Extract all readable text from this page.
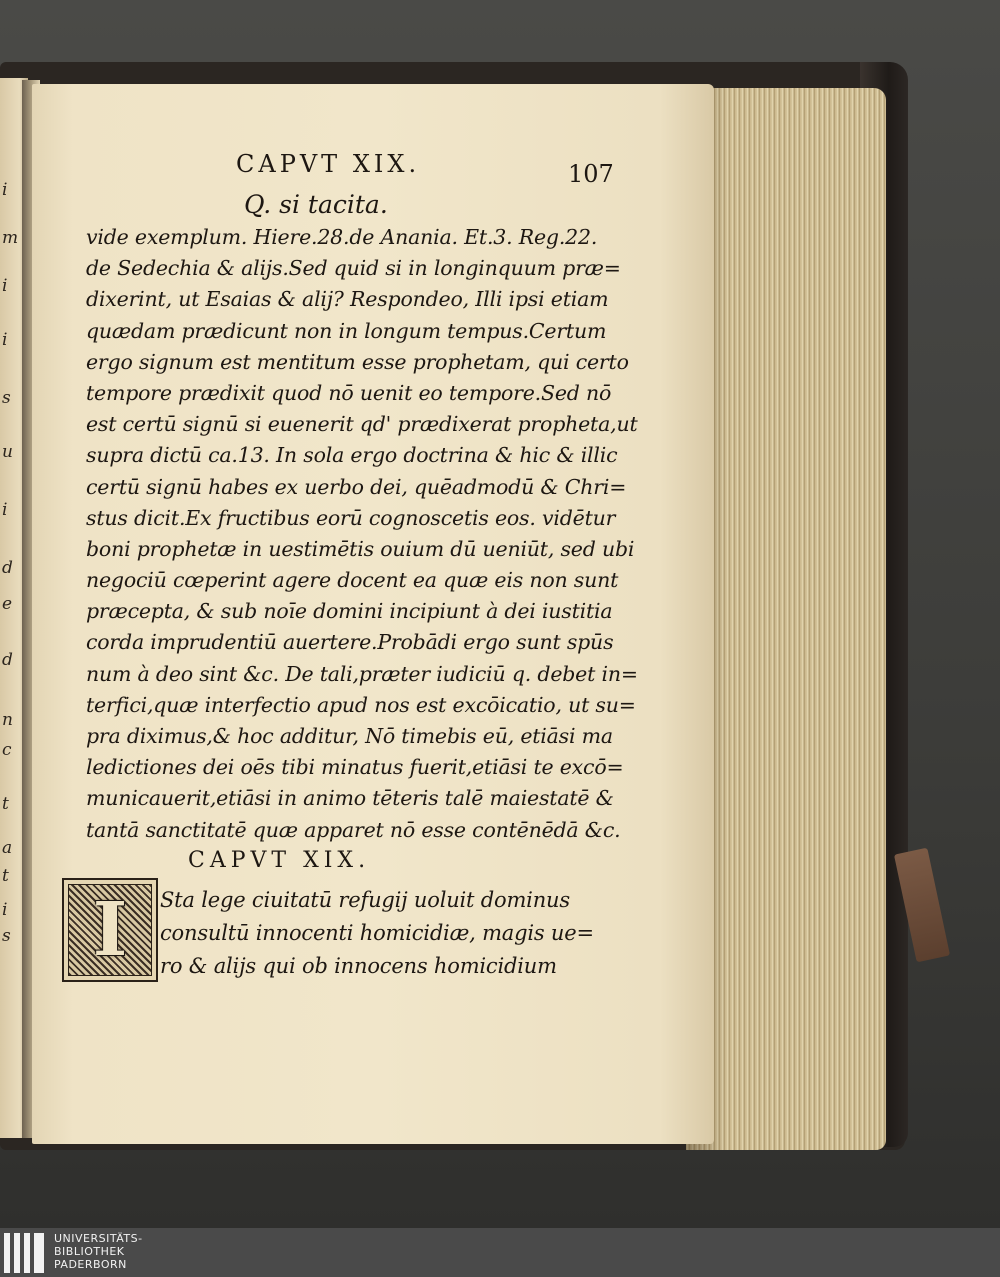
i
m
i
i
s
u
i
d
e
d
n
c
t
a
t
i
s
CAPVT XIX.	107
Q. si tacita.
vide exemplum. Hiere.28.de Anania. Et.3. Reg.22.
de Sedechia & alijs.Sed quid si in longinquum præ=
dixerint, ut Esaias & alij? Respondeo, Illi ipsi etiam
quædam prædicunt non in longum tempus.Certum
ergo signum est mentitum esse prophetam, qui certo
tempore prædixit quod nō uenit eo tempore.Sed nō
est certū signū si euenerit qd' prædixerat propheta,ut
supra dictū ca.13. In sola ergo doctrina & hic & illic
certū signū habes ex uerbo dei, quēadmodū & Chri=
stus dicit.Ex fructibus eorū cognoscetis eos. vidētur
boni prophetæ in uestimētis ouium dū ueniūt, sed ubi
negociū cœperint agere docent ea quæ eis non sunt
præcepta, & sub noīe domini incipiunt à dei iustitia
corda imprudentiū auertere.Probādi ergo sunt spūs
num à deo sint &c. De tali,præter iudiciū q. debet in=
terfici,quæ interfectio apud nos est excōicatio, ut su=
pra diximus,& hoc additur, Nō timebis eū, etiāsi ma
ledictiones dei oēs tibi minatus fuerit,etiāsi te excō=
municauerit,etiāsi in animo tēteris talē maiestatē &
tantā sanctitatē quæ apparet nō esse contēnēdā &c.
CAPVT XIX.
I	Sta lege ciuitatū refugij uoluit dominus
consultū innocenti homicidiæ, magis ue=
ro & alijs qui ob innocens homicidium
UNIVERSITÄTS-
BIBLIOTHEK
PADERBORN
